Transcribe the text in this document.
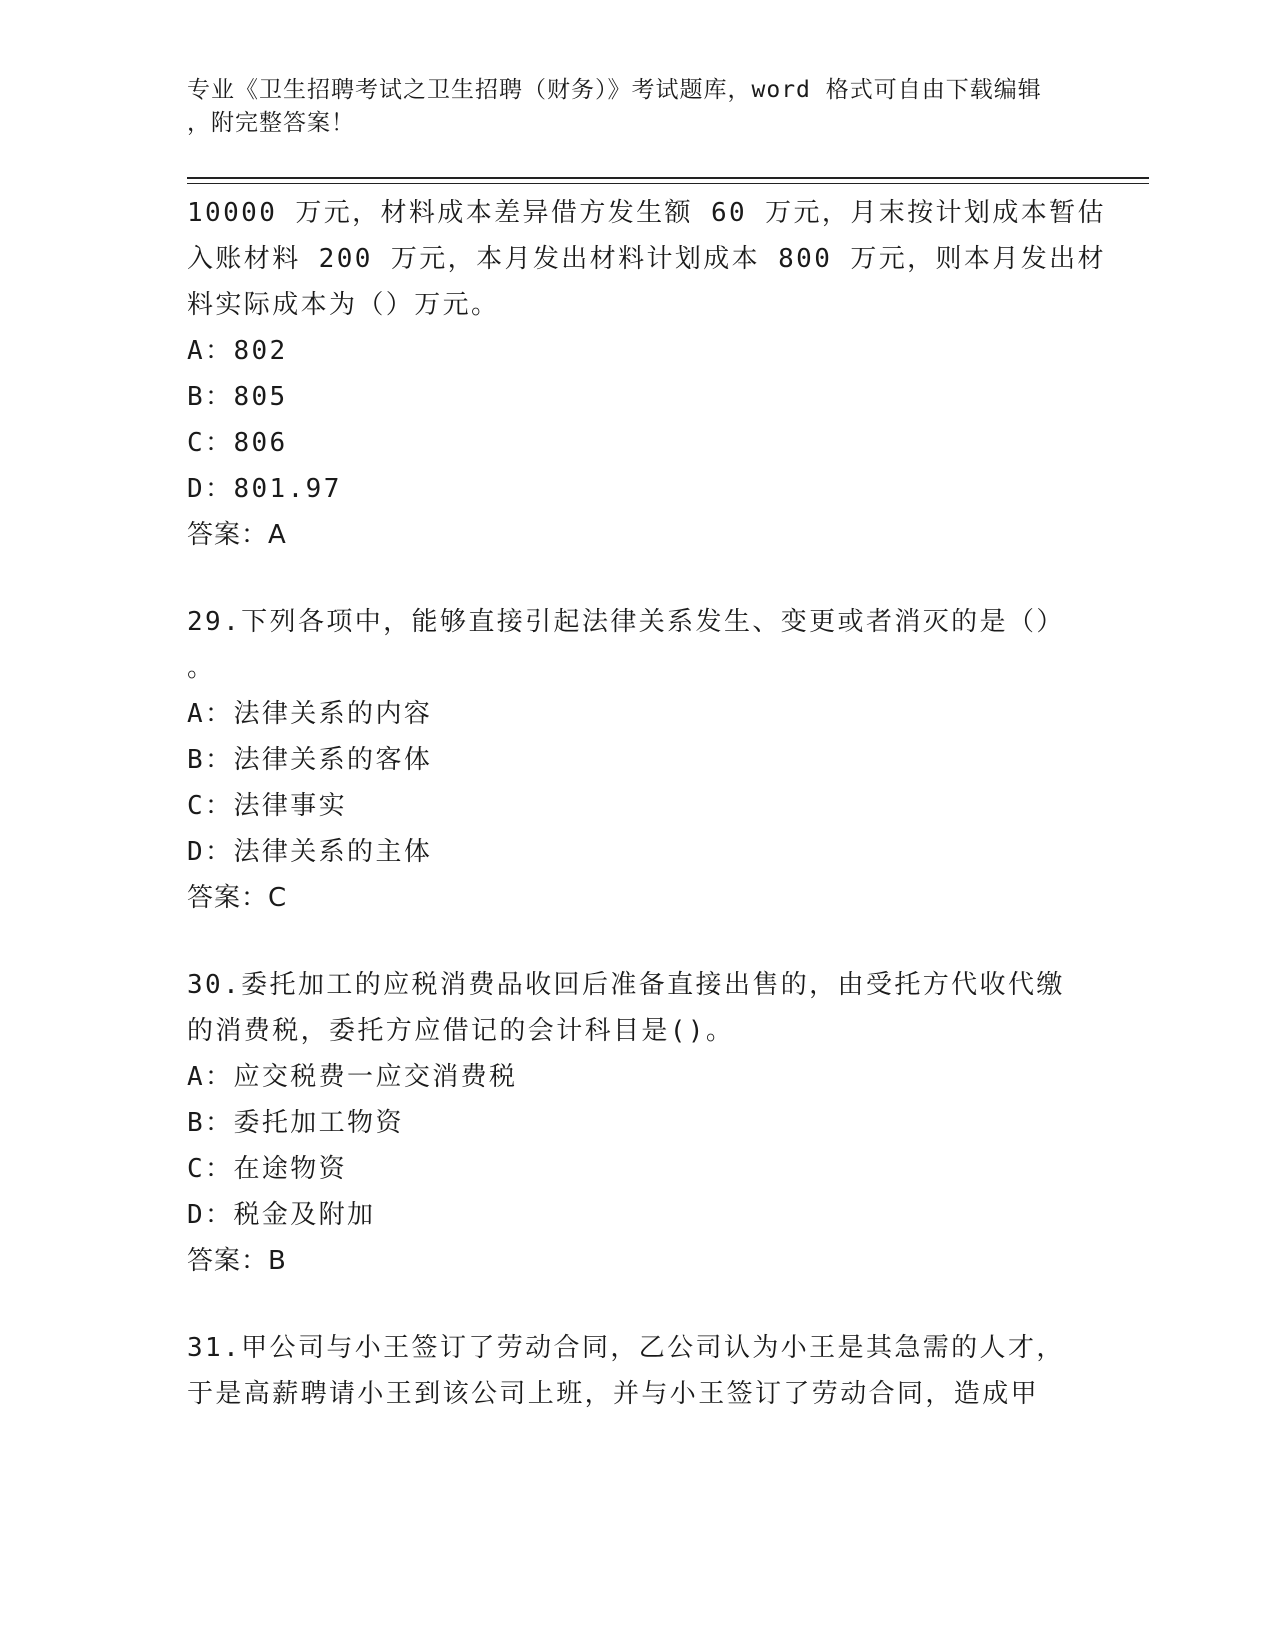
专业《卫生招聘考试之卫生招聘（财务）》考试题库，word 格式可自由下载编辑
，附完整答案！
10000 万元，材料成本差异借方发生额 60 万元，月末按计划成本暂估
入账材料 200 万元，本月发出材料计划成本 800 万元，则本月发出材
料实际成本为（）万元。
A：802
B：805
C：806
D：801.97
答案：A
29.下列各项中，能够直接引起法律关系发生、变更或者消灭的是（）
。
A：法律关系的内容
B：法律关系的客体
C：法律事实
D：法律关系的主体
答案：C
30.委托加工的应税消费品收回后准备直接出售的，由受托方代收代缴
的消费税，委托方应借记的会计科目是()。
A：应交税费一应交消费税
B：委托加工物资
C：在途物资
D：税金及附加
答案：B
31.甲公司与小王签订了劳动合同，乙公司认为小王是其急需的人才，
于是高薪聘请小王到该公司上班，并与小王签订了劳动合同，造成甲
